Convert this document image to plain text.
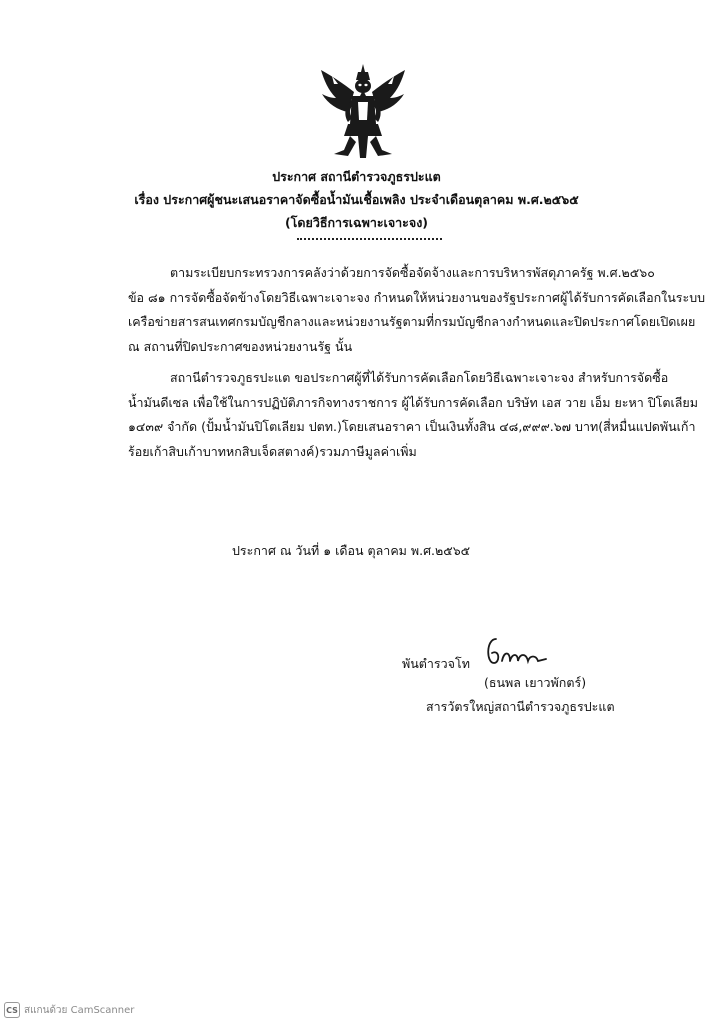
ประกาศ สถานีตำรวจภูธรปะแต
เรื่อง ประกาศผู้ชนะเสนอราคาจัดซื้อน้ำมันเชื้อเพลิง ประจำเดือนตุลาคม พ.ศ.๒๕๖๕
(โดยวิธีการเฉพาะเจาะจง)
ตามระเบียบกระทรวงการคลังว่าด้วยการจัดซื้อจัดจ้างและการบริหารพัสดุภาครัฐ พ.ศ.๒๕๖๐
ข้อ ๘๑ การจัดซื้อจัดข้างโดยวิธีเฉพาะเจาะจง กำหนดให้หน่วยงานของรัฐประกาศผู้ได้รับการคัดเลือกในระบบ
เครือข่ายสารสนเทศกรมบัญชีกลางและหน่วยงานรัฐตามที่กรมบัญชีกลางกำหนดและปิดประกาศโดยเปิดเผย
ณ สถานที่ปิดประกาศของหน่วยงานรัฐ นั้น
สถานีตำรวจภูธรปะแต ขอประกาศผู้ที่ได้รับการคัดเลือกโดยวิธีเฉพาะเจาะจง สำหรับการจัดซื้อ
น้ำมันดีเซล เพื่อใช้ในการปฏิบัติภารกิจทางราชการ ผู้ได้รับการคัดเลือก บริษัท เอส วาย เอ็ม ยะหา ปิโตเลียม
๑๔๓๙ จำกัด (ปั้มน้ำมันปิโตเลียม ปตท.)โดยเสนอราคา เป็นเงินทั้งสิน ๔๘,๙๙๙.๖๗ บาท(สี่หมื่นแปดพันเก้า
ร้อยเก้าสิบเก้าบาทหกสิบเจ็ดสตางค์)รวมภาษีมูลค่าเพิ่ม
ประกาศ ณ วันที่ ๑ เดือน ตุลาคม พ.ศ.๒๕๖๕
พันตำรวจโท
(ธนพล เยาวพักตร์)
สารวัตรใหญ่สถานีตำรวจภูธรปะแต
CS สแกนด้วย CamScanner
